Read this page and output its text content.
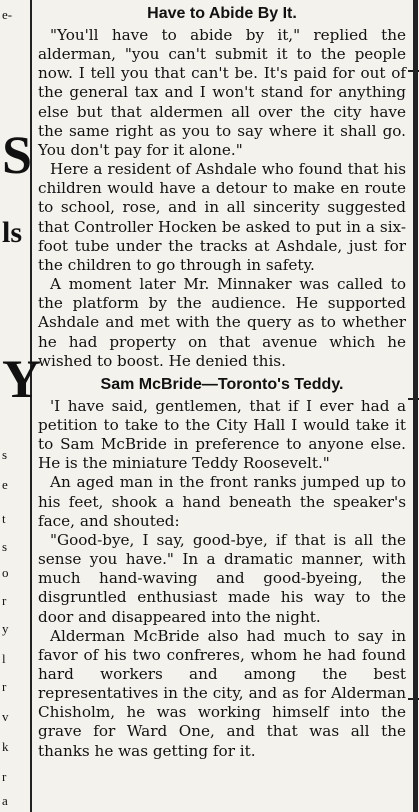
e-
S
ls
Y
s
e
t
s
o
r
y
l
r
v
k
r
a
Have to Abide By It.

"You'll have to abide by it," replied the alderman, "you can't submit it to the people now. I tell you that can't be. It's paid for out of the general tax and I won't stand for anything else but that aldermen all over the city have the same right as you to say where it shall go. You don't pay for it alone."

Here a resident of Ashdale who found that his children would have a detour to make en route to school, rose, and in all sincerity suggested that Controller Hocken be asked to put in a six-foot tube under the tracks at Ashdale, just for the children to go through in safety.

A moment later Mr. Minnaker was called to the platform by the audience. He supported Ashdale and met with the query as to whether he had property on that avenue which he wished to boost. He denied this.

Sam McBride—Toronto's Teddy.

'I have said, gentlemen, that if I ever had a petition to take to the City Hall I would take it to Sam McBride in preference to anyone else. He is the miniature Teddy Roosevelt."

An aged man in the front ranks jumped up to his feet, shook a hand beneath the speaker's face, and shouted:

"Good-bye, I say, good-bye, if that is all the sense you have." In a dramatic manner, with much hand-waving and good-byeing, the disgruntled enthusiast made his way to the door and disappeared into the night.

Alderman McBride also had much to say in favor of his two confreres, whom he had found hard workers and among the best representatives in the city, and as for Alderman Chisholm, he was working himself into the grave for Ward One, and that was all the thanks he was getting for it.
